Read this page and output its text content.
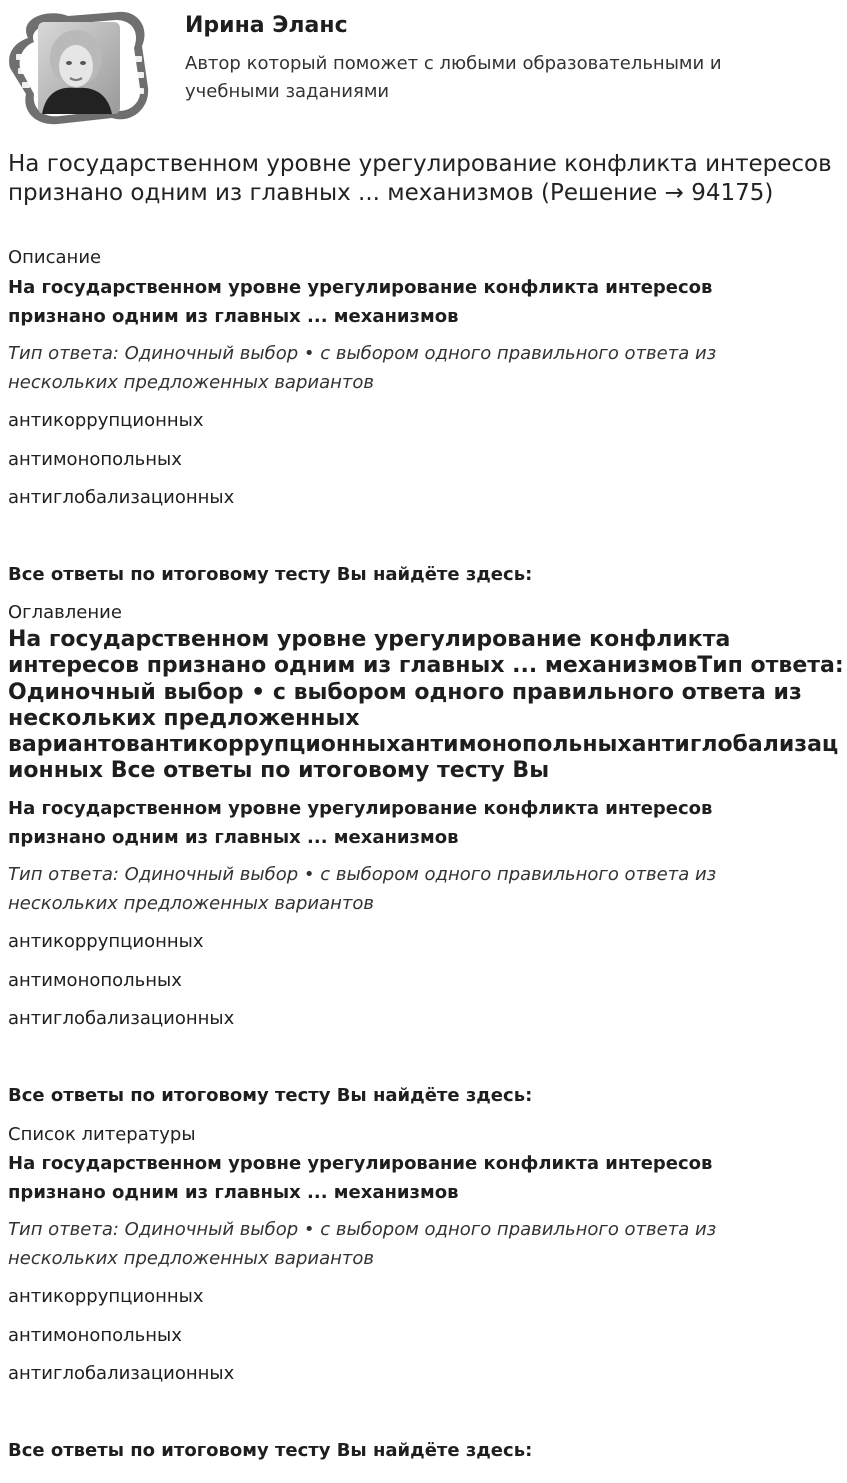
Ирина Эланс
Автор который поможет с любыми образовательными и учебными заданиями
На государственном уровне урегулирование конфликта интересов признано одним из главных ... механизмов (Решение → 94175)
Описание
На государственном уровне урегулирование конфликта интересов признано одним из главных ... механизмов
Тип ответа: Одиночный выбор • с выбором одного правильного ответа из нескольких предложенных вариантов
антикоррупционных
антимонопольных
антиглобализационных
Все ответы по итоговому тесту Вы найдёте здесь:
Оглавление
На государственном уровне урегулирование конфликта интересов признано одним из главных ... механизмовТип ответа: Одиночный выбор • с выбором одного правильного ответа из нескольких предложенных вариантовантикоррупционныхантимонопольныхантиглобализационных Все ответы по итоговому тесту Вы
На государственном уровне урегулирование конфликта интересов признано одним из главных ... механизмов
Тип ответа: Одиночный выбор • с выбором одного правильного ответа из нескольких предложенных вариантов
антикоррупционных
антимонопольных
антиглобализационных
Все ответы по итоговому тесту Вы найдёте здесь:
Список литературы
На государственном уровне урегулирование конфликта интересов признано одним из главных ... механизмов
Тип ответа: Одиночный выбор • с выбором одного правильного ответа из нескольких предложенных вариантов
антикоррупционных
антимонопольных
антиглобализационных
Все ответы по итоговому тесту Вы найдёте здесь:
